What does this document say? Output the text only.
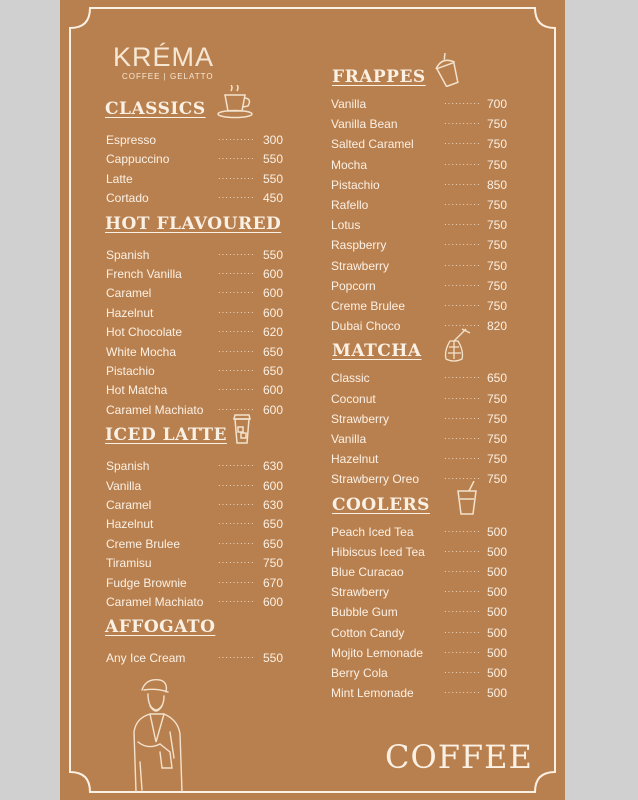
KRÉMA
COFFEE | GELATTO
CLASSICS
Espresso	·········· 300
Cappuccino	·········· 550
Latte	·········· 550
Cortado	·········· 450
HOT FLAVOURED
Spanish	·········· 550
French Vanilla	·········· 600
Caramel	·········· 600
Hazelnut	·········· 600
Hot Chocolate	·········· 620
White Mocha	·········· 650
Pistachio	·········· 650
Hot Matcha	·········· 600
Caramel Machiato ·········· 600
ICED LATTE
Spanish	·········· 630
Vanilla	·········· 600
Caramel	·········· 630
Hazelnut	·········· 650
Creme Brulee	·········· 650
Tiramisu	·········· 750
Fudge Brownie	·········· 670
Caramel Machiato ·········· 600
AFFOGATO
Any Ice Cream	·········· 550
FRAPPES
Vanilla	·········· 700
Vanilla Bean	·········· 750
Salted Caramel	·········· 750
Mocha	·········· 750
Pistachio	·········· 850
Rafello	·········· 750
Lotus	·········· 750
Raspberry	·········· 750
Strawberry	·········· 750
Popcorn	·········· 750
Creme Brulee	·········· 750
Dubai Choco	·········· 820
MATCHA
Classic	·········· 650
Coconut	·········· 750
Strawberry	·········· 750
Vanilla	·········· 750
Hazelnut	·········· 750
Strawberry Oreo	·········· 750
COOLERS
Peach Iced Tea	·········· 500
Hibiscus Iced Tea ·········· 500
Blue Curacao	·········· 500
Strawberry	·········· 500
Bubble Gum	·········· 500
Cotton Candy	·········· 500
Mojito Lemonade	·········· 500
Berry Cola	·········· 500
Mint Lemonade	·········· 500
COFFEE
